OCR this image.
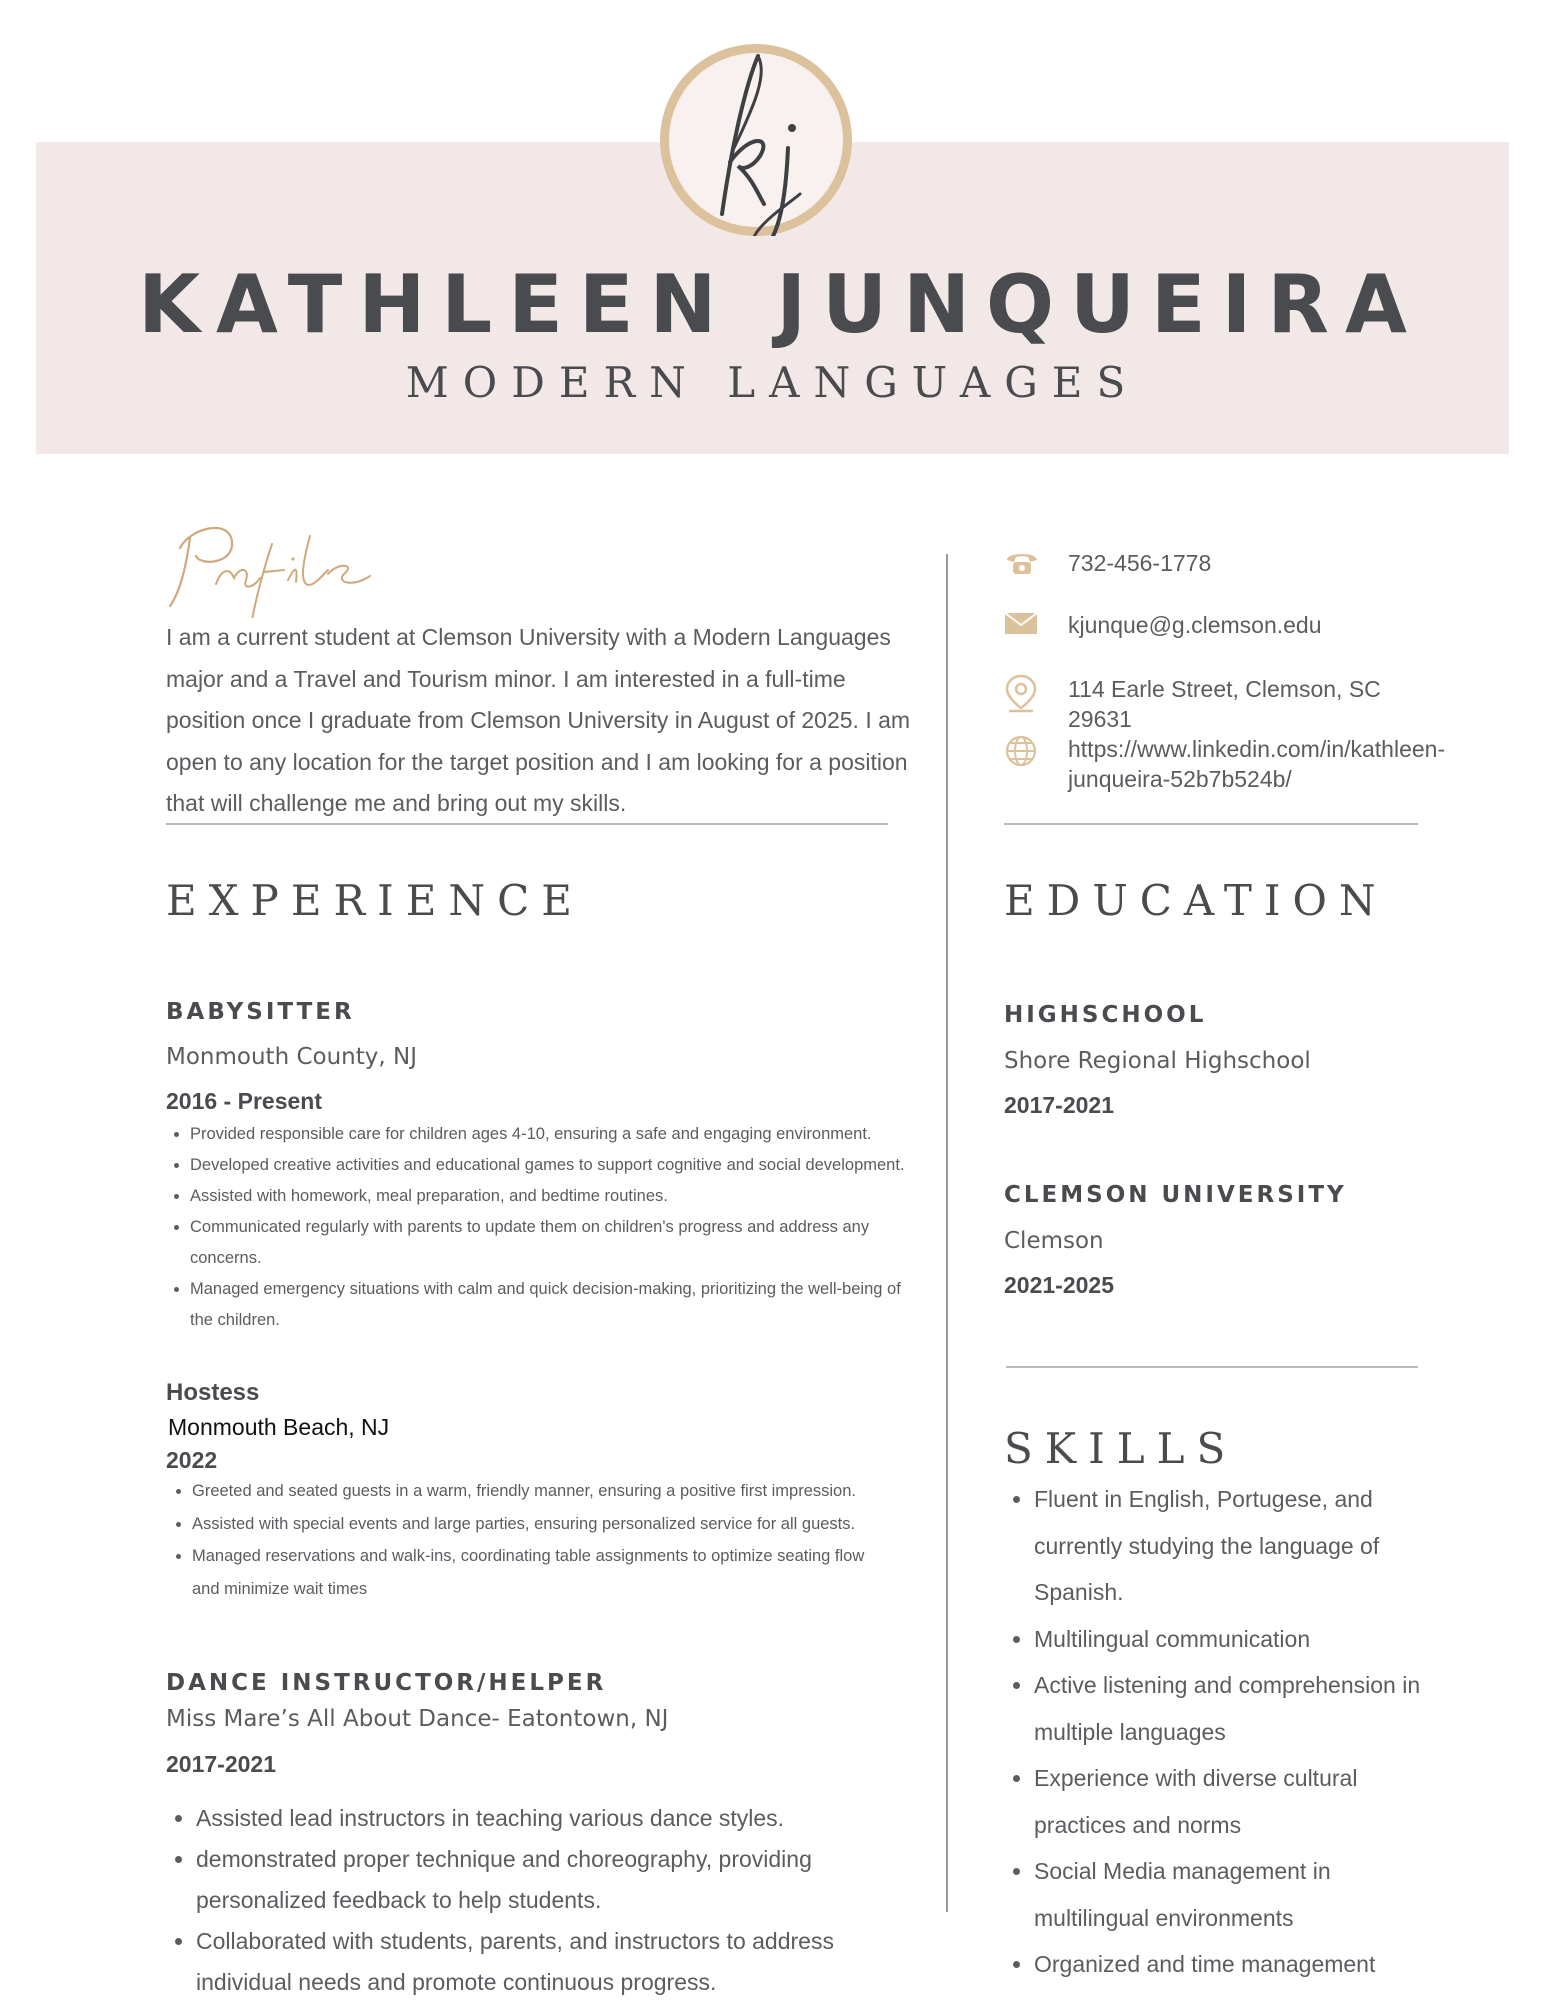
KATHLEEN JUNQUEIRA
MODERN LANGUAGES
I am a current student at Clemson University with a Modern Languages major and a Travel and Tourism minor. I am interested in a full-time position once I graduate from Clemson University in August of 2025. I am open to any location for the target position and I am looking for a position that will challenge me and bring out my skills.
732-456-1778
kjunque@g.clemson.edu
114 Earle Street, Clemson, SC 29631
https://www.linkedin.com/in/kathleen-junqueira-52b7b524b/
EXPERIENCE
BABYSITTER
Monmouth County, NJ
2016 - Present
• Provided responsible care for children ages 4-10, ensuring a safe and engaging environment.
• Developed creative activities and educational games to support cognitive and social development.
• Assisted with homework, meal preparation, and bedtime routines.
• Communicated regularly with parents to update them on children's progress and address any concerns.
• Managed emergency situations with calm and quick decision-making, prioritizing the well-being of the children.
Hostess
Monmouth Beach, NJ
2022
• Greeted and seated guests in a warm, friendly manner, ensuring a positive first impression.
• Assisted with special events and large parties, ensuring personalized service for all guests.
• Managed reservations and walk-ins, coordinating table assignments to optimize seating flow and minimize wait times
DANCE INSTRUCTOR/HELPER
Miss Mare’s All About Dance- Eatontown, NJ
2017-2021
• Assisted lead instructors in teaching various dance styles.
• demonstrated proper technique and choreography, providing personalized feedback to help students.
• Collaborated with students, parents, and instructors to address individual needs and promote continuous progress.
EDUCATION
HIGHSCHOOL
Shore Regional Highschool
2017-2021
CLEMSON UNIVERSITY
Clemson
2021-2025
SKILLS
• Fluent in English, Portugese, and currently studying the language of Spanish.
• Multilingual communication
• Active listening and comprehension in multiple languages
• Experience with diverse cultural practices and norms
• Social Media management in multilingual environments
• Organized and time management
